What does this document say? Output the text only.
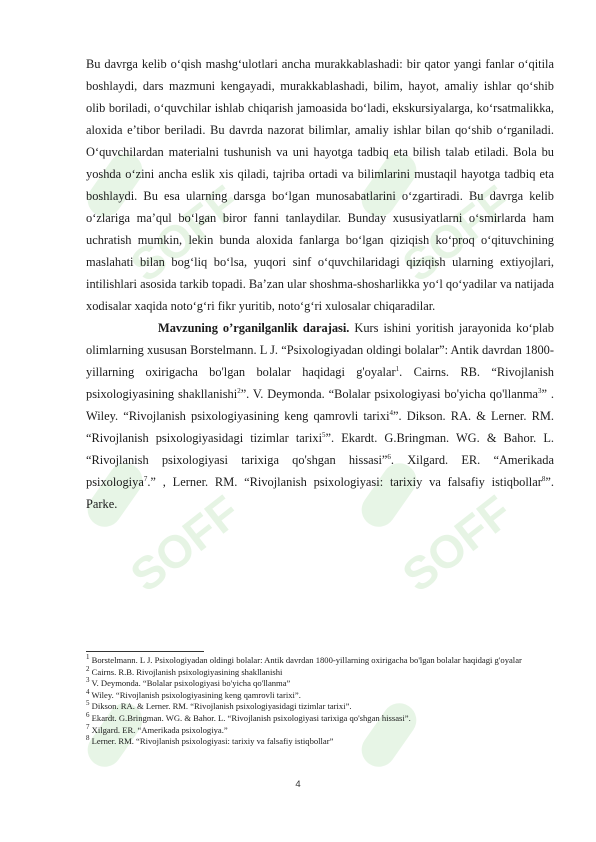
SOFF	SOFF
SOFF	SOFF

Bu davrga kelib o‘qish mashg‘ulotlari ancha murakkablashadi: bir qator yangi fanlar o‘qitila boshlaydi, dars mazmuni kengayadi, murakkablashadi, bilim, hayot, amaliy ishlar qo‘shib olib boriladi, o‘quvchilar ishlab chiqarish jamoasida bo‘ladi, ekskursiyalarga, ko‘rsatmalikka, aloxida e’tibor beriladi. Bu davrda nazorat bilimlar, amaliy ishlar bilan qo‘shib o‘rganiladi. O‘quvchilardan materialni tushunish va uni hayotga tadbiq eta bilish talab etiladi. Bola bu yoshda o‘zini ancha eslik xis qiladi, tajriba ortadi va bilimlarini mustaqil hayotga tadbiq eta boshlaydi. Bu esa ularning darsga bo‘lgan munosabatlarini o‘zgartiradi. Bu davrga kelib o‘zlariga ma’qul bo‘lgan biror fanni tanlaydilar. Bunday xususiyatlarni o‘smirlarda ham uchratish mumkin, lekin bunda aloxida fanlarga bo‘lgan qiziqish ko‘proq o‘qituvchining maslahati bilan bog‘liq bo‘lsa, yuqori sinf o‘quvchilaridagi qiziqish ularning extiyojlari, intilishlari asosida tarkib topadi. Ba’zan ular shoshma-shosharlikka yo‘l qo‘yadilar va natijada xodisalar xaqida noto‘g‘ri fikr yuritib, noto‘g‘ri xulosalar chiqaradilar.

Mavzuning o’rganilganlik darajasi. Kurs ishini yoritish jarayonida ko‘plab olimlarning xususan Borstelmann. L J. “Psixologiyadan oldingi bolalar”: Antik davrdan 1800-yillarning oxirigacha bo'lgan bolalar haqidagi g'oyalar$^1$. Cairns. RB. “Rivojlanish psixologiyasining shakllanishi$^2$”. V. Deymonda. “Bolalar psixologiyasi bo'yicha qo'llanma$^3$” . Wiley. “Rivojlanish psixologiyasining keng qamrovli tarixi$^4$”. Dikson. RA. & Lerner. RM. “Rivojlanish psixologiyasidagi tizimlar tarixi$^5$”. Ekardt. G.Bringman. WG. & Bahor. L. “Rivojlanish psixologiyasi tarixiga qo'shgan hissasi”$^6$. Xilgard. ER. “Amerikada psixologiya$^7$.” , Lerner. RM. “Rivojlanish psixologiyasi: tarixiy va falsafiy istiqbollar$^8$”. Parke.

$^1$ Borstelmann. L J. Psixologiyadan oldingi bolalar: Antik davrdan 1800-yillarning oxirigacha bo'lgan bolalar haqidagi g'oyalar

$^2$ Cairns. R.B. Rivojlanish psixologiyasining shakllanishi

$^3$ V. Deymonda. “Bolalar psixologiyasi bo'yicha qo'llanma”

$^4$ Wiley. “Rivojlanish psixologiyasining keng qamrovli tarixi”.

$^5$ Dikson. RA. & Lerner. RM. “Rivojlanish psixologiyasidagi tizimlar tarixi”.

$^6$ Ekardt. G.Bringman. WG. & Bahor. L. “Rivojlanish psixologiyasi tarixiga qo'shgan hissasi”.

$^7$ Xilgard. ER. “Amerikada psixologiya.”

$^8$ Lerner. RM. “Rivojlanish psixologiyasi: tarixiy va falsafiy istiqbollar”

4
